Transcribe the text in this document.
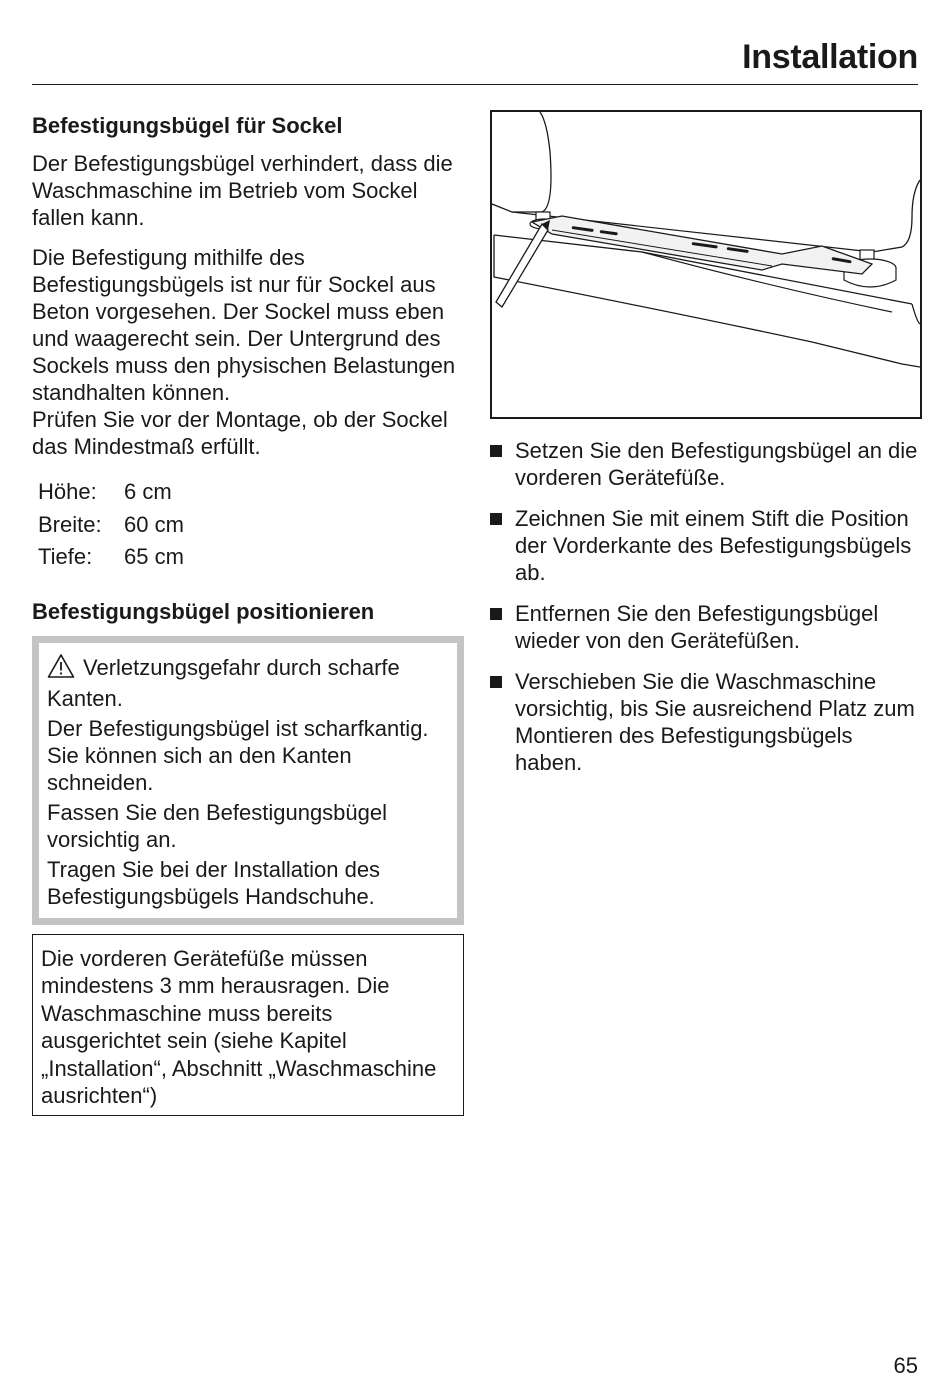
Installation
Befestigungsbügel für Sockel

Der Befestigungsbügel verhindert, dass die Waschmaschine im Betrieb vom Sockel fallen kann.

Die Befestigung mithilfe des Befestigungsbügels ist nur für Sockel aus Beton vorgesehen. Der Sockel muss eben und waagerecht sein. Der Untergrund des Sockels muss den physischen Belastungen standhalten können.

Prüfen Sie vor der Montage, ob der Sockel das Mindestmaß erfüllt.

Höhe:	6 cm
Breite:	60 cm
Tiefe:	65 cm
Befestigungsbügel positionieren

Verletzungsgefahr durch scharfe Kanten.

Der Befestigungsbügel ist scharfkantig. Sie können sich an den Kanten schneiden.

Fassen Sie den Befestigungsbügel vorsichtig an.

Tragen Sie bei der Installation des Befestigungsbügels Handschuhe.

Die vorderen Gerätefüße müssen mindestens 3 mm herausragen. Die Waschmaschine muss bereits ausgerichtet sein (siehe Kapitel „Installation“, Abschnitt „Waschmaschine ausrichten“)
Setzen Sie den Befestigungsbügel an die vorderen Gerätefüße.
Zeichnen Sie mit einem Stift die Position der Vorderkante des Befestigungsbügels ab.
Entfernen Sie den Befestigungsbügel wieder von den Gerätefüßen.
Verschieben Sie die Waschmaschine vorsichtig, bis Sie ausreichend Platz zum Montieren des Befestigungsbügels haben.
65
